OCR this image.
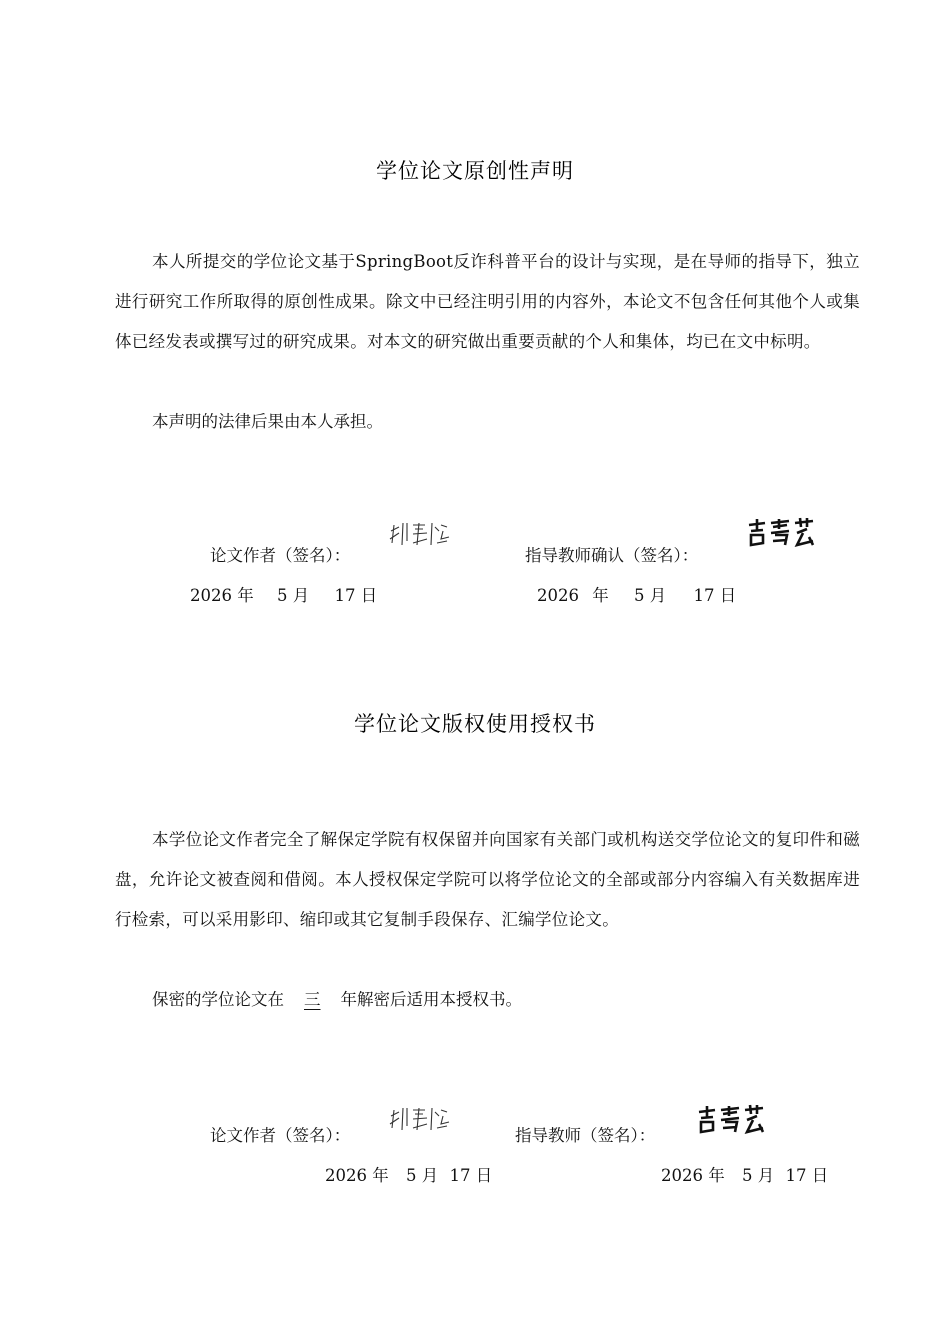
学位论文原创性声明
本人所提交的学位论文基于SpringBoot反诈科普平台的设计与实现，是在导师的指导下，独立进行研究工作所取得的原创性成果。除文中已经注明引用的内容外，本论文不包含任何其他个人或集体已经发表或撰写过的研究成果。对本文的研究做出重要贡献的个人和集体，均已在文中标明。
本声明的法律后果由本人承担。
论文作者（签名）：	指导教师确认（签名）：
2026 年 5 月 17 日	2026 年 5 月 17 日
学位论文版权使用授权书
本学位论文作者完全了解保定学院有权保留并向国家有关部门或机构送交学位论文的复印件和磁盘，允许论文被查阅和借阅。本人授权保定学院可以将学位论文的全部或部分内容编入有关数据库进行检索，可以采用影印、缩印或其它复制手段保存、汇编学位论文。
保密的学位论文在 三 年解密后适用本授权书。
论文作者（签名）：	指导教师（签名）：
2026 年 5 月 17 日	2026 年 5 月 17 日
